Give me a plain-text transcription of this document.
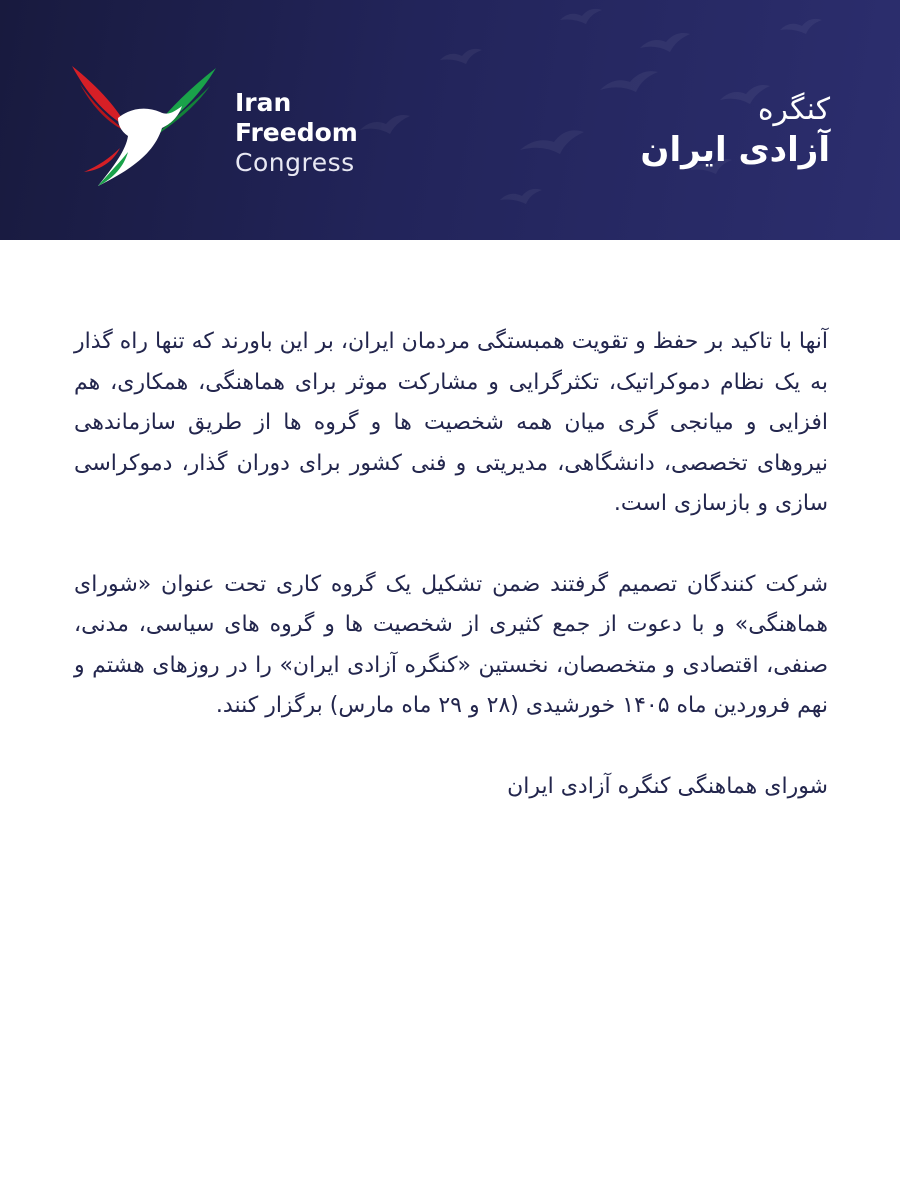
Iran
Freedom
Congress
کنگره
آزادی ایران

آنها با تاکید بر حفظ و تقویت همبستگی مردمان ایران، بر این باورند که تنها راه گذار به یک نظام دموکراتیک، تکثرگرایی و مشارکت موثر برای هماهنگی، همکاری، هم افزایی و میانجی گری میان همه شخصیت ها و گروه ها از طریق سازماندهی نیروهای تخصصی، دانشگاهی، مدیریتی و فنی کشور برای دوران گذار، دموکراسی سازی و بازسازی است.

شرکت کنندگان تصمیم گرفتند ضمن تشکیل یک گروه کاری تحت عنوان «شورای هماهنگی» و با دعوت از جمع کثیری از شخصیت ها و گروه های سیاسی، مدنی، صنفی، اقتصادی و متخصصان، نخستین «کنگره آزادی ایران» را در روزهای هشتم و نهم فروردین ماه ۱۴۰۵ خورشیدی (۲۸ و ۲۹ ماه مارس) برگزار کنند.

شورای هماهنگی کنگره آزادی ایران
